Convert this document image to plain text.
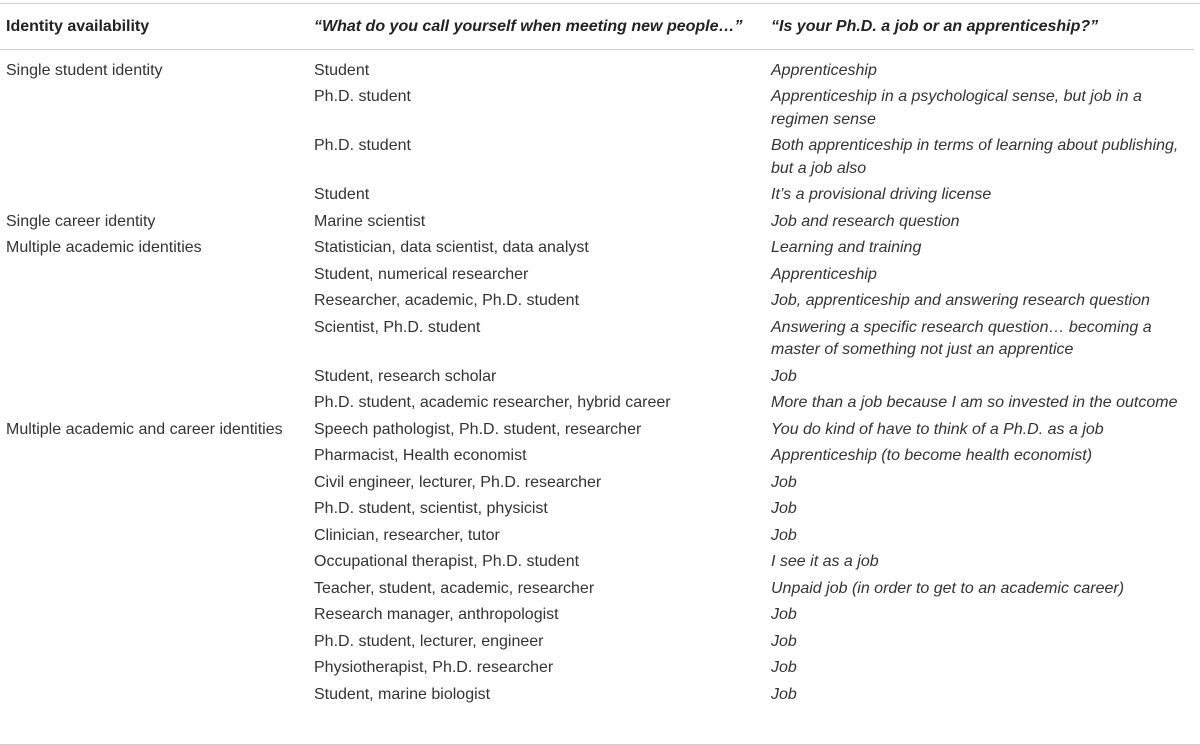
Identity availability	“What do you call yourself when meeting new people…”	“Is your Ph.D. a job or an apprenticeship?”
Single student identity	Student	Apprenticeship
	Ph.D. student	Apprenticeship in a psychological sense, but job in a regimen sense
	Ph.D. student	Both apprenticeship in terms of learning about publishing, but a job also
	Student	It’s a provisional driving license
Single career identity	Marine scientist	Job and research question
Multiple academic identities	Statistician, data scientist, data analyst	Learning and training
	Student, numerical researcher	Apprenticeship
	Researcher, academic, Ph.D. student	Job, apprenticeship and answering research question
	Scientist, Ph.D. student	Answering a specific research question… becoming a master of something not just an apprentice
	Student, research scholar	Job
	Ph.D. student, academic researcher, hybrid career	More than a job because I am so invested in the outcome
Multiple academic and career identities	Speech pathologist, Ph.D. student, researcher	You do kind of have to think of a Ph.D. as a job
	Pharmacist, Health economist	Apprenticeship (to become health economist)
	Civil engineer, lecturer, Ph.D. researcher	Job
	Ph.D. student, scientist, physicist	Job
	Clinician, researcher, tutor	Job
	Occupational therapist, Ph.D. student	I see it as a job
	Teacher, student, academic, researcher	Unpaid job (in order to get to an academic career)
	Research manager, anthropologist	Job
	Ph.D. student, lecturer, engineer	Job
	Physiotherapist, Ph.D. researcher	Job
	Student, marine biologist	Job
